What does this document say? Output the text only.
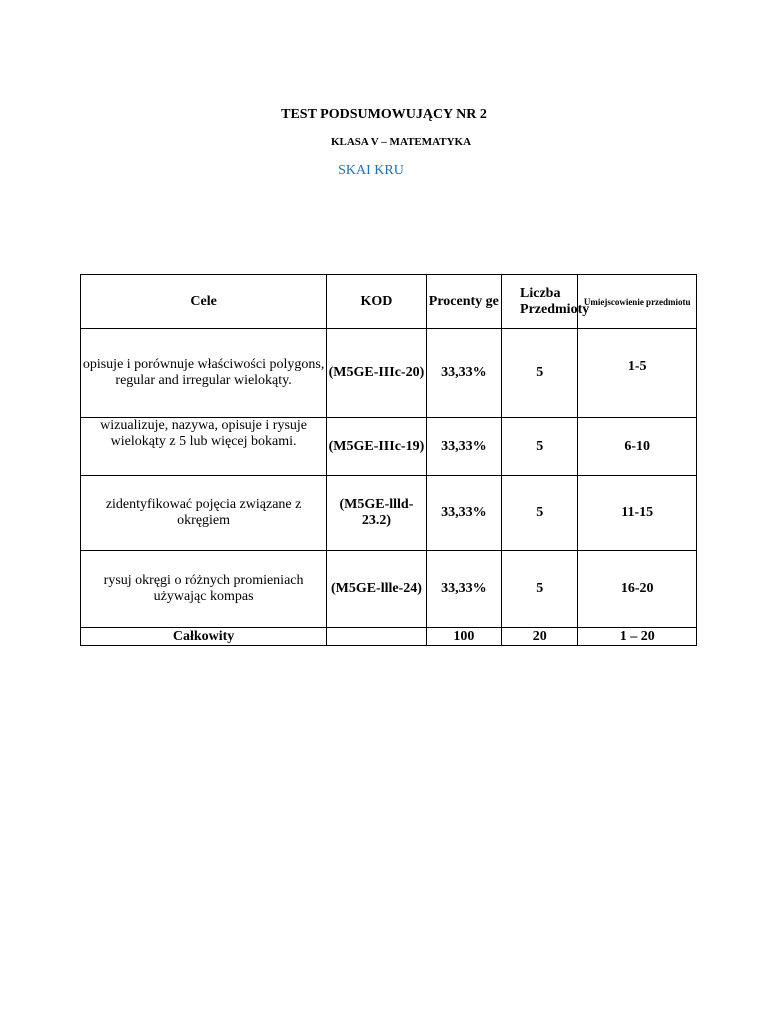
TEST PODSUMOWUJĄCY NR 2
KLASA V – MATEMATYKA
SKAI KRU
Cele	KOD	Procenty ge	Liczba Przedmioty	Umiejscowienie przedmiotu
opisuje i porównuje właściwości polygons, regular and irregular wielokąty.	(M5GE-IIIc-20)	33,33%	5	1-5
wizualizuje, nazywa, opisuje i rysuje wielokąty z 5 lub więcej bokami.	(M5GE-IIIc-19)	33,33%	5	6-10
zidentyfikować pojęcia związane z okręgiem	(M5GE-llld-23.2)	33,33%	5	11-15
rysuj okręgi o różnych promieniach używając kompas	(M5GE-llle-24)	33,33%	5	16-20
Całkowity		100	20	1 – 20
